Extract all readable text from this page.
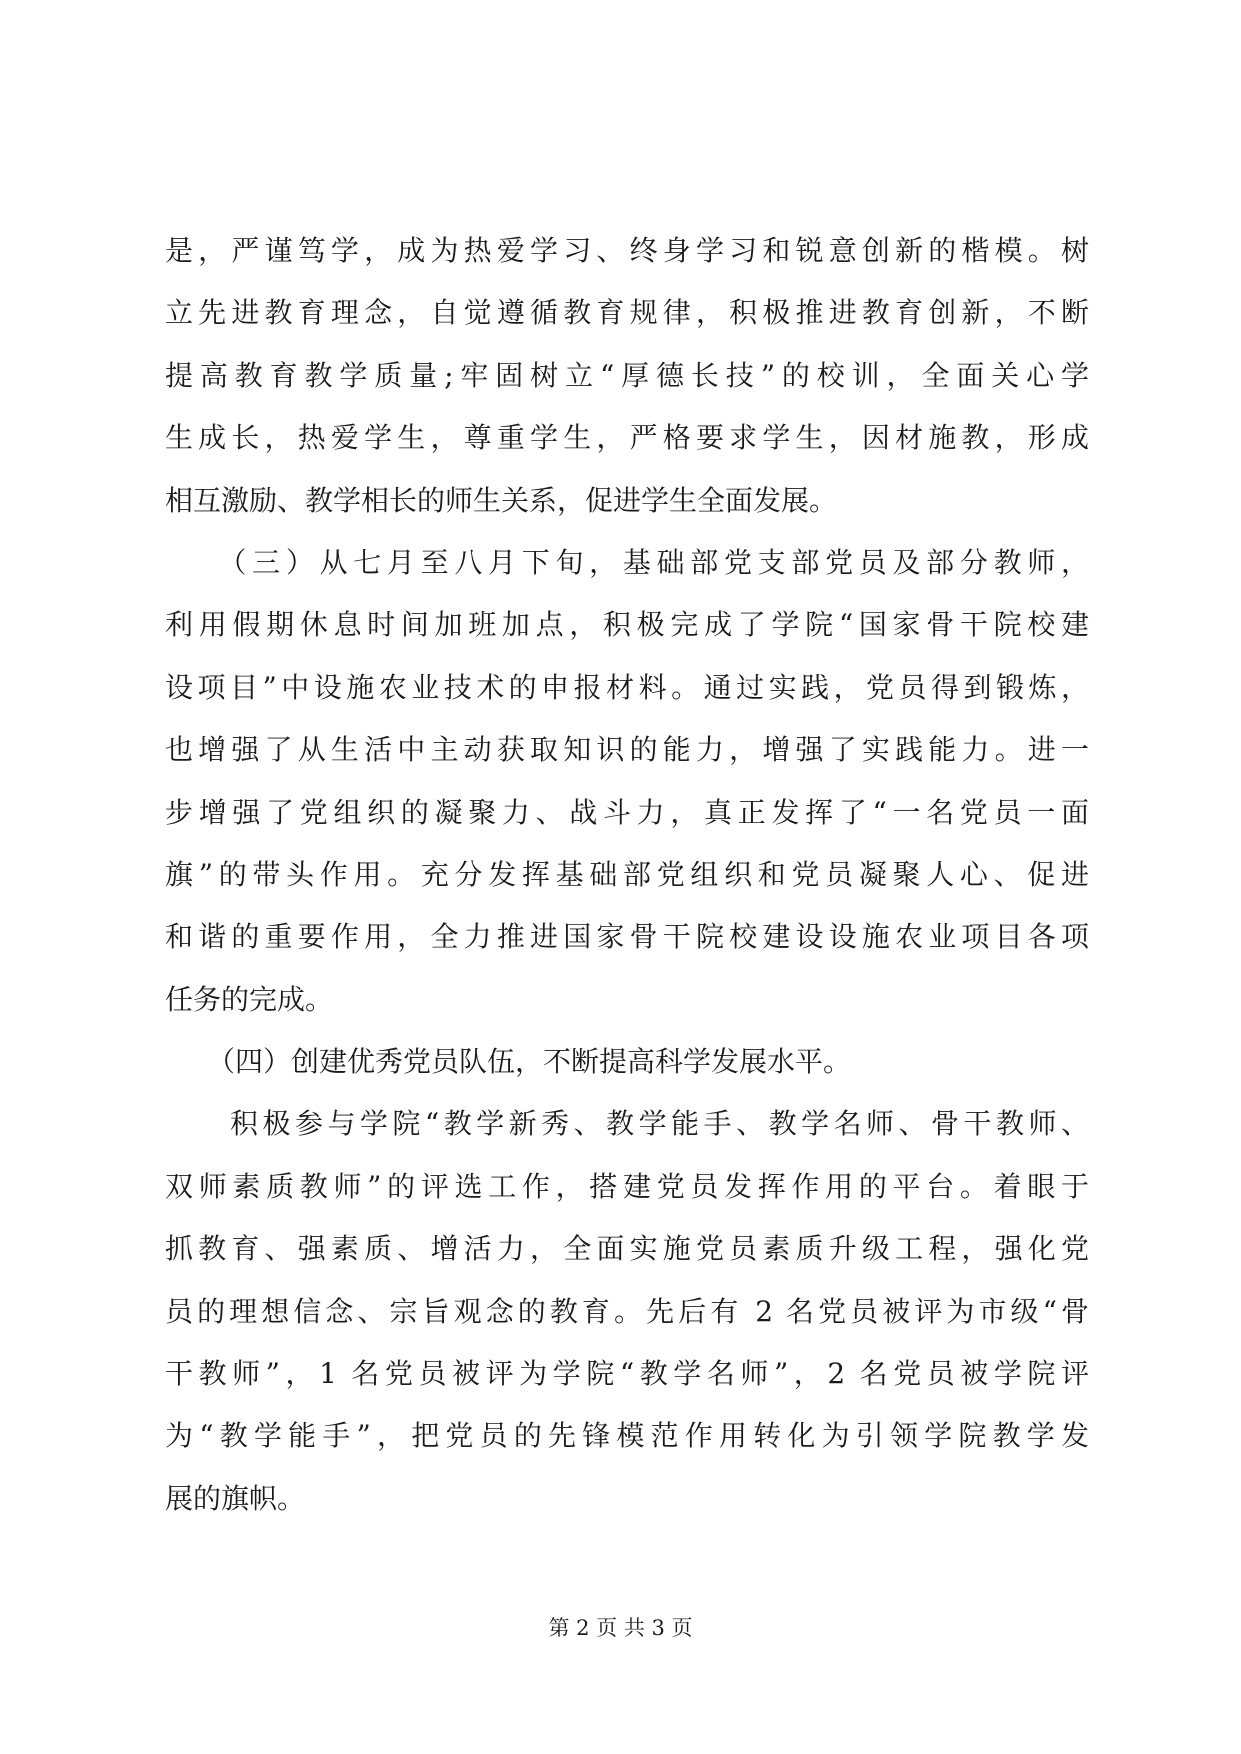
是，严谨笃学，成为热爱学习、终身学习和锐意创新的楷模。树
立先进教育理念，自觉遵循教育规律，积极推进教育创新，不断
提高教育教学质量;牢固树立“厚德长技”的校训，全面关心学
生成长，热爱学生，尊重学生，严格要求学生，因材施教，形成
相互激励、教学相长的师生关系，促进学生全面发展。
　　（三）从七月至八月下旬，基础部党支部党员及部分教师，
利用假期休息时间加班加点，积极完成了学院“国家骨干院校建
设项目”中设施农业技术的申报材料。通过实践，党员得到锻炼，
也增强了从生活中主动获取知识的能力，增强了实践能力。进一
步增强了党组织的凝聚力、战斗力，真正发挥了“一名党员一面
旗”的带头作用。充分发挥基础部党组织和党员凝聚人心、促进
和谐的重要作用，全力推进国家骨干院校建设设施农业项目各项
任务的完成。
　　（四）创建优秀党员队伍，不断提高科学发展水平。
　　积极参与学院“教学新秀、教学能手、教学名师、骨干教师、
双师素质教师”的评选工作，搭建党员发挥作用的平台。着眼于
抓教育、强素质、增活力，全面实施党员素质升级工程，强化党
员的理想信念、宗旨观念的教育。先后有 2 名党员被评为市级“骨
干教师”，1 名党员被评为学院“教学名师”，2 名党员被学院评
为“教学能手”，把党员的先锋模范作用转化为引领学院教学发
展的旗帜。
第 2 页 共 3 页
